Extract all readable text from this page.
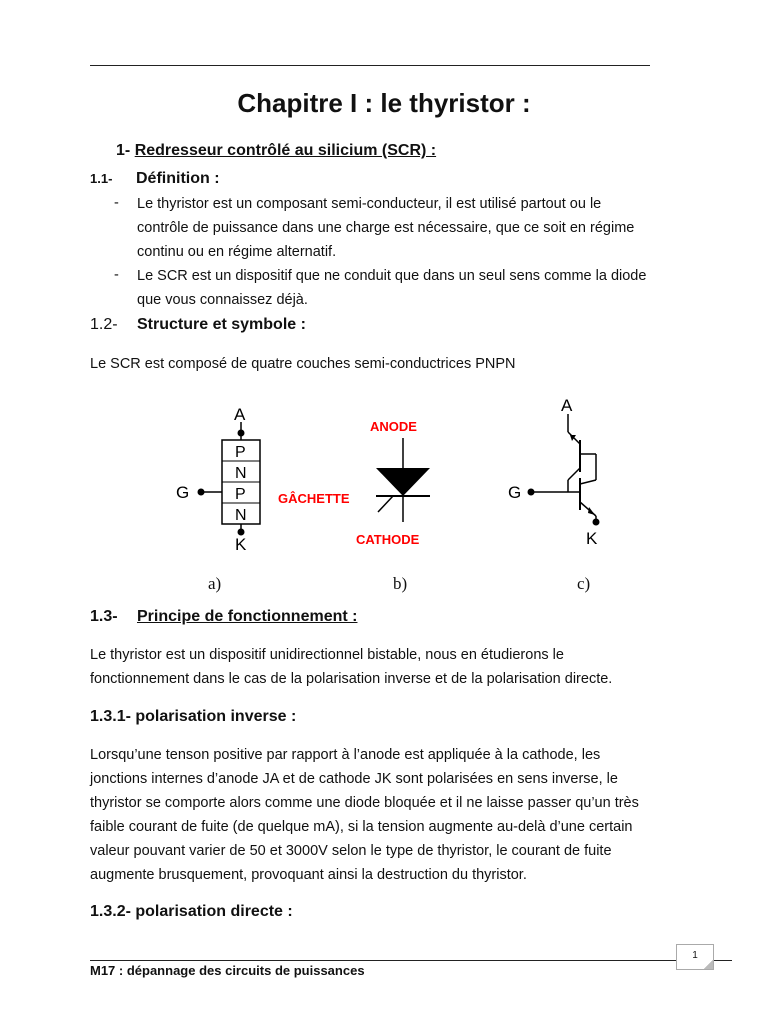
Chapitre I : le thyristor :
1- Redresseur contrôlé au silicium (SCR) :
1.1- Définition :
- Le thyristor est un composant semi-conducteur, il est utilisé partout ou le
contrôle de puissance dans une charge est nécessaire, que ce soit en régime
continu ou en régime alternatif.
- Le SCR est un dispositif que ne conduit que dans un seul sens comme la diode
que vous connaissez déjà.
1.2- Structure et symbole :
Le SCR est composé de quatre couches semi-conductrices PNPN
A
K
G
P
N
P
N
ANODE
GÂCHETTE
CATHODE
A
G
K
a)	b)	c)
1.3- Principe de fonctionnement :
Le thyristor est un dispositif unidirectionnel bistable, nous en étudierons le
fonctionnement dans le cas de la polarisation inverse et de la polarisation directe.
1.3.1- polarisation inverse :
Lorsqu’une tenson positive par rapport à l’anode est appliquée à la cathode, les
jonctions internes d’anode JA et de cathode JK sont polarisées en sens inverse, le
thyristor se comporte alors comme une diode bloquée et il ne laisse passer qu’un très
faible courant de fuite (de quelque mA), si la tension augmente au-delà d’une certain
valeur pouvant varier de 50 et 3000V selon le type de thyristor, le courant de fuite
augmente brusquement, provoquant ainsi la destruction du thyristor.
1.3.2- polarisation directe :
1
M17 : dépannage des circuits de puissances
